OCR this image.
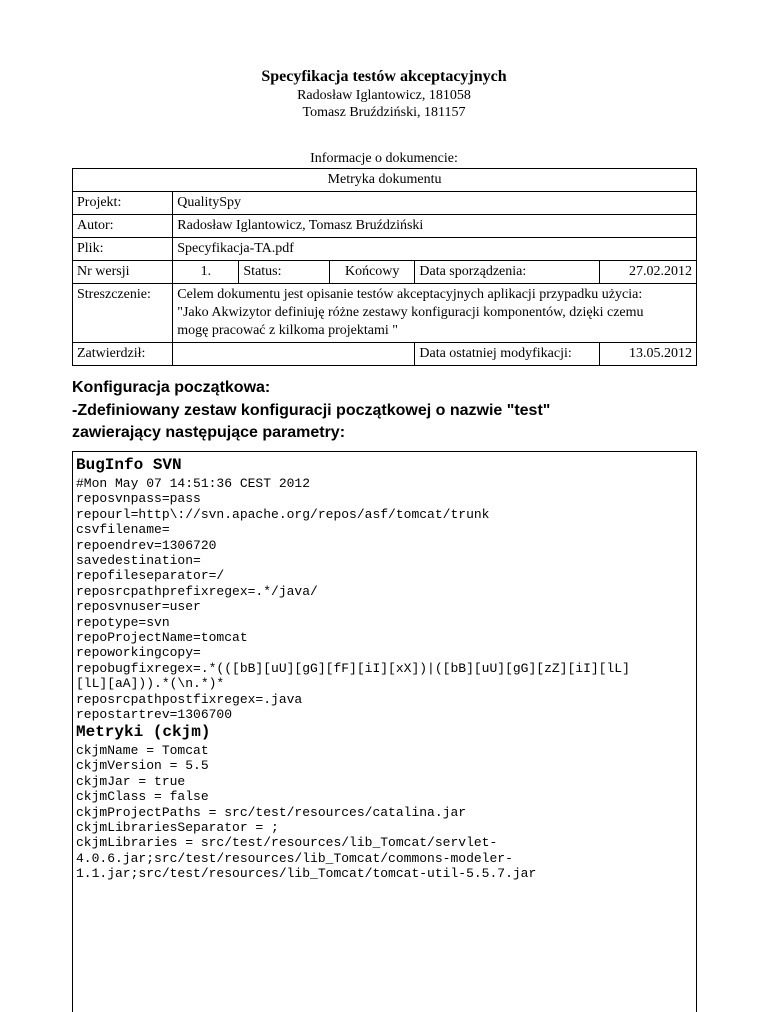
Specyfikacja testów akceptacyjnych
Radosław Iglantowicz, 181058
Tomasz Bruździński, 181157
Informacje o dokumencie:
Metryka dokumentu					
Projekt:	QualitySpy				
Autor:	Radosław Iglantowicz, Tomasz Bruździński				
Plik:	Specyfikacja-TA.pdf				
Nr wersji	1.	Status:	Końcowy	Data sporządzenia:	27.02.2012
Streszczenie:	Celem dokumentu jest opisanie testów akceptacyjnych aplikacji przypadku użycia:
"Jako Akwizytor definiuję różne zestawy konfiguracji komponentów, dzięki czemu
mogę pracować z kilkoma projektami "				

Zatwierdził:				Data ostatniej modyfikacji:	13.05.2012
Konfiguracja początkowa:
-Zdefiniowany zestaw konfiguracji początkowej o nazwie "test"
zawierający następujące parametry:
BugInfo SVN
#Mon May 07 14:51:36 CEST 2012
reposvnpass=pass
repourl=http\://svn.apache.org/repos/asf/tomcat/trunk
csvfilename=
repoendrev=1306720
savedestination=
repofileseparator=/
reposrcpathprefixregex=.*/java/
reposvnuser=user
repotype=svn
repoProjectName=tomcat
repoworkingcopy=
repobugfixregex=.*(([bB][uU][gG][fF][iI][xX])|([bB][uU][gG][zZ][iI][lL]
[lL][aA])).*(\n.*)*
reposrcpathpostfixregex=.java
repostartrev=1306700
Metryki (ckjm)
ckjmName = Tomcat
ckjmVersion = 5.5
ckjmJar = true
ckjmClass = false
ckjmProjectPaths = src/test/resources/catalina.jar
ckjmLibrariesSeparator = ;
ckjmLibraries = src/test/resources/lib_Tomcat/servlet-
4.0.6.jar;src/test/resources/lib_Tomcat/commons-modeler-
1.1.jar;src/test/resources/lib_Tomcat/tomcat-util-5.5.7.jar
